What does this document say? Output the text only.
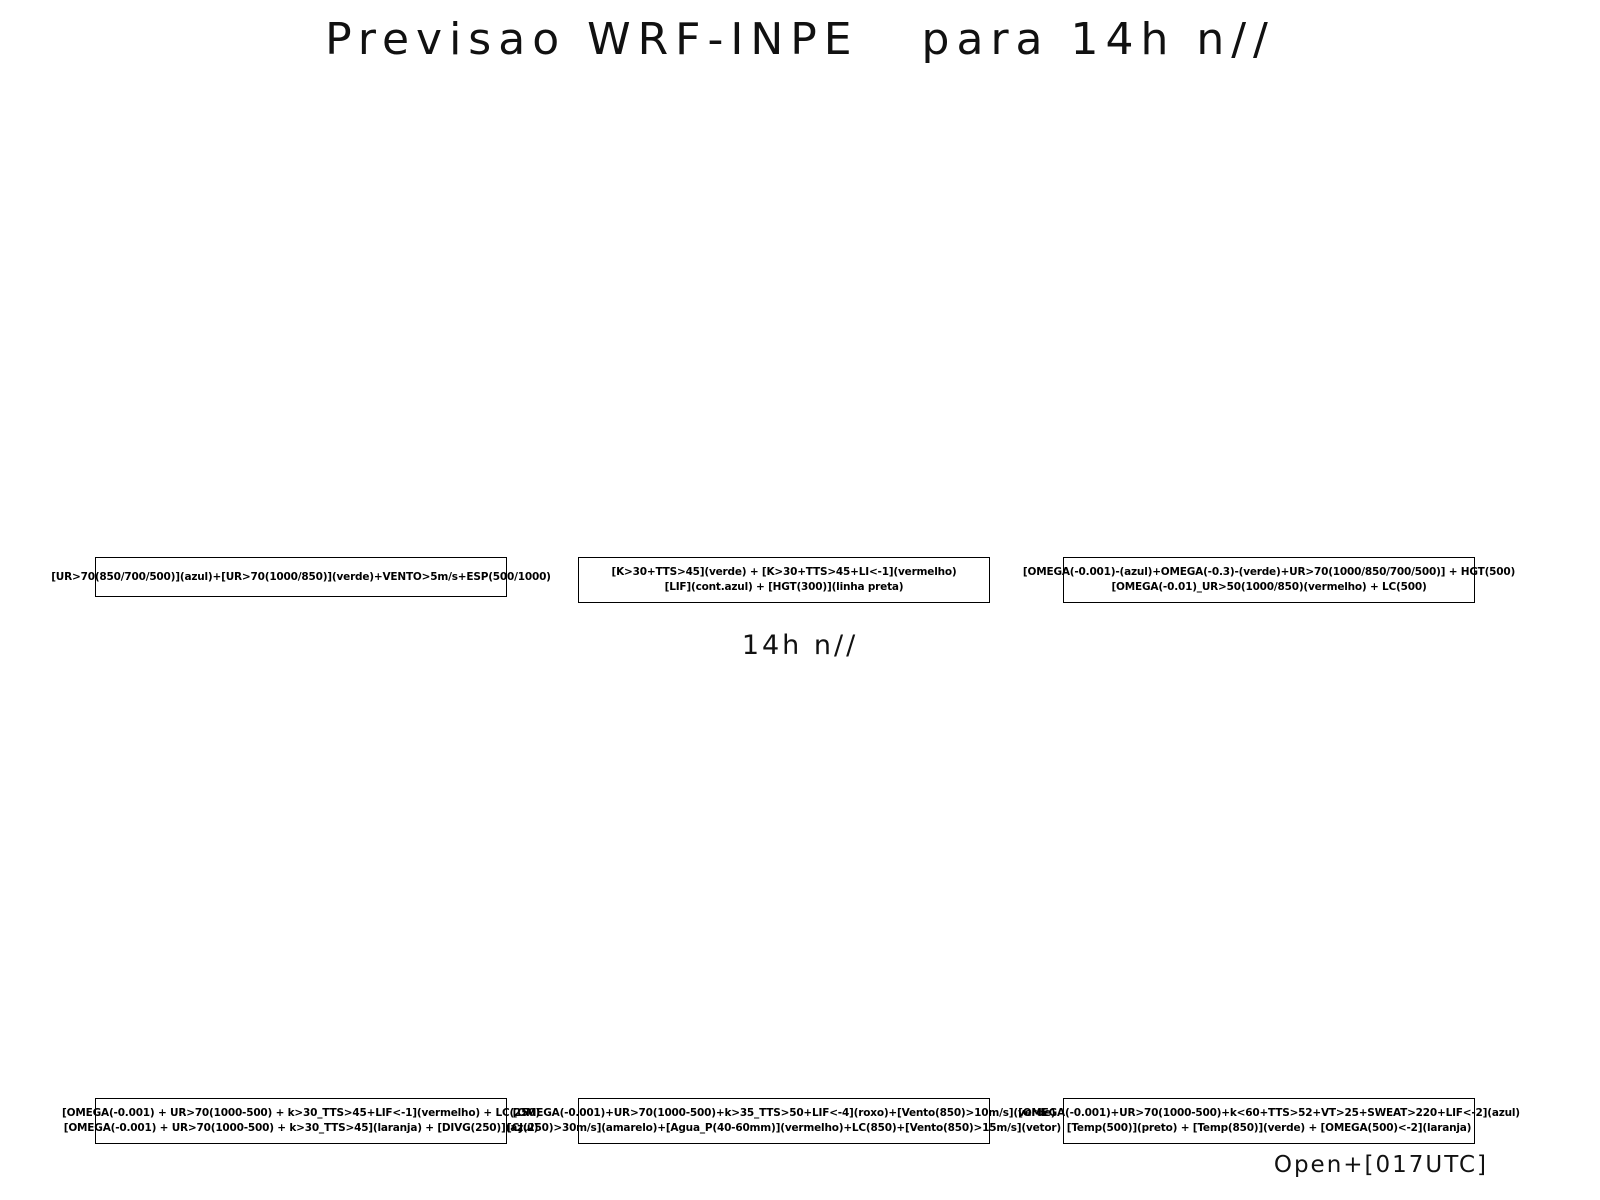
Previsao WRF-INPE   para 14h n//
14h n//
[UR>70(850/700/500)](azul)+[UR>70(1000/850)](verde)+VENTO>5m/s+ESP(500/1000)	[K>30+TTS>45](verde) + [K>30+TTS>45+LI<-1](vermelho)
[LIF](cont.azul) + [HGT(300)](linha preta)
[OMEGA(-0.001)-(azul)+OMEGA(-0.3)-(verde)+UR>70(1000/850/700/500)] + HGT(500)
[OMEGA(-0.01)_UR>50(1000/850)(vermelho) + LC(500)
[OMEGA(-0.001) + UR>70(1000-500) + k>30_TTS>45+LIF<-1](vermelho) + LC(250)
[OMEGA(-0.001) + UR>70(1000-500) + k>30_TTS>45](laranja) + [DIVG(250)](azul)
[OMEGA(-0.001)+UR>70(1000-500)+k>35_TTS>50+LIF<-4](roxo)+[Vento(850)>10m/s](verde)
[CJ(250)>30m/s](amarelo)+[Agua_P(40-60mm)](vermelho)+LC(850)+[Vento(850)>15m/s](vetor)
[OMEGA(-0.001)+UR>70(1000-500)+k<60+TTS>52+VT>25+SWEAT>220+LIF<-2](azul)
[Temp(500)](preto) + [Temp(850)](verde) + [OMEGA(500)<-2](laranja)
Open+[017UTC]
